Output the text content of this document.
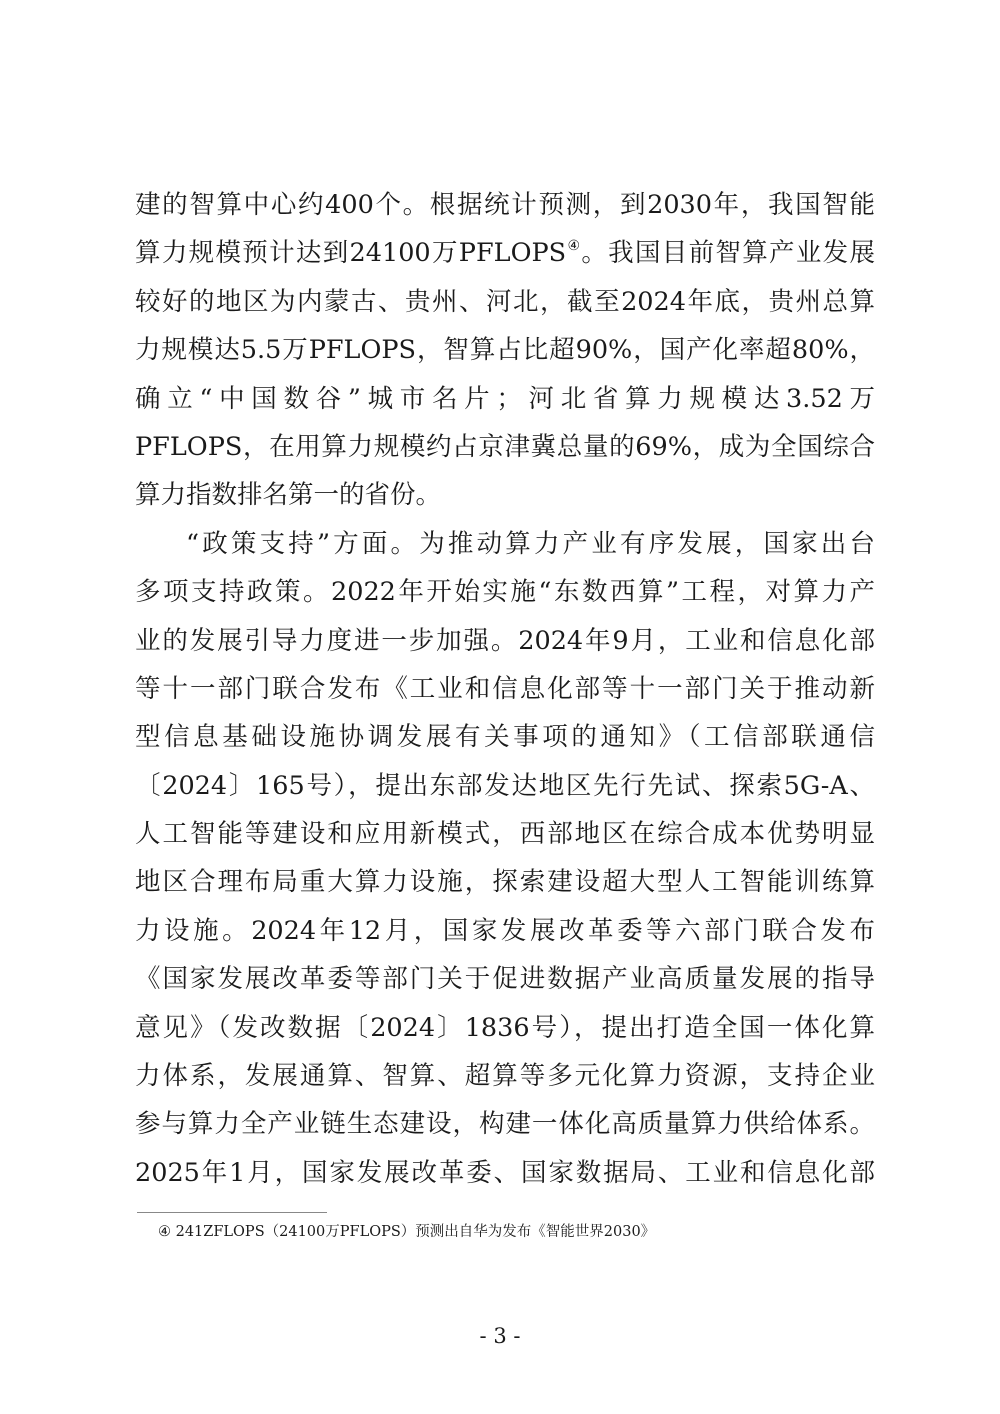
建的智算中心约400个。根据统计预测，到2030年，我国智能
算力规模预计达到24100万PFLOPS④。我国目前智算产业发展
较好的地区为内蒙古、贵州、河北，截至2024年底，贵州总算
力规模达5.5万PFLOPS，智算占比超90%，国产化率超80%，
确立“中国数谷”城市名片；河北省算力规模达3.52万
PFLOPS，在用算力规模约占京津冀总量的69%，成为全国综合
算力指数排名第一的省份。
“政策支持”方面。为推动算力产业有序发展，国家出台
多项支持政策。2022年开始实施“东数西算”工程，对算力产
业的发展引导力度进一步加强。2024年9月，工业和信息化部
等十一部门联合发布《工业和信息化部等十一部门关于推动新
型信息基础设施协调发展有关事项的通知》（工信部联通信
〔2024〕165号），提出东部发达地区先行先试、探索5G-A、
人工智能等建设和应用新模式，西部地区在综合成本优势明显
地区合理布局重大算力设施，探索建设超大型人工智能训练算
力设施。2024年12月，国家发展改革委等六部门联合发布
《国家发展改革委等部门关于促进数据产业高质量发展的指导
意见》（发改数据〔2024〕1836号），提出打造全国一体化算
力体系，发展通算、智算、超算等多元化算力资源，支持企业
参与算力全产业链生态建设，构建一体化高质量算力供给体系。
2025年1月，国家发展改革委、国家数据局、工业和信息化部
④ 241ZFLOPS（24100万PFLOPS）预测出自华为发布《智能世界2030》
- 3 -
